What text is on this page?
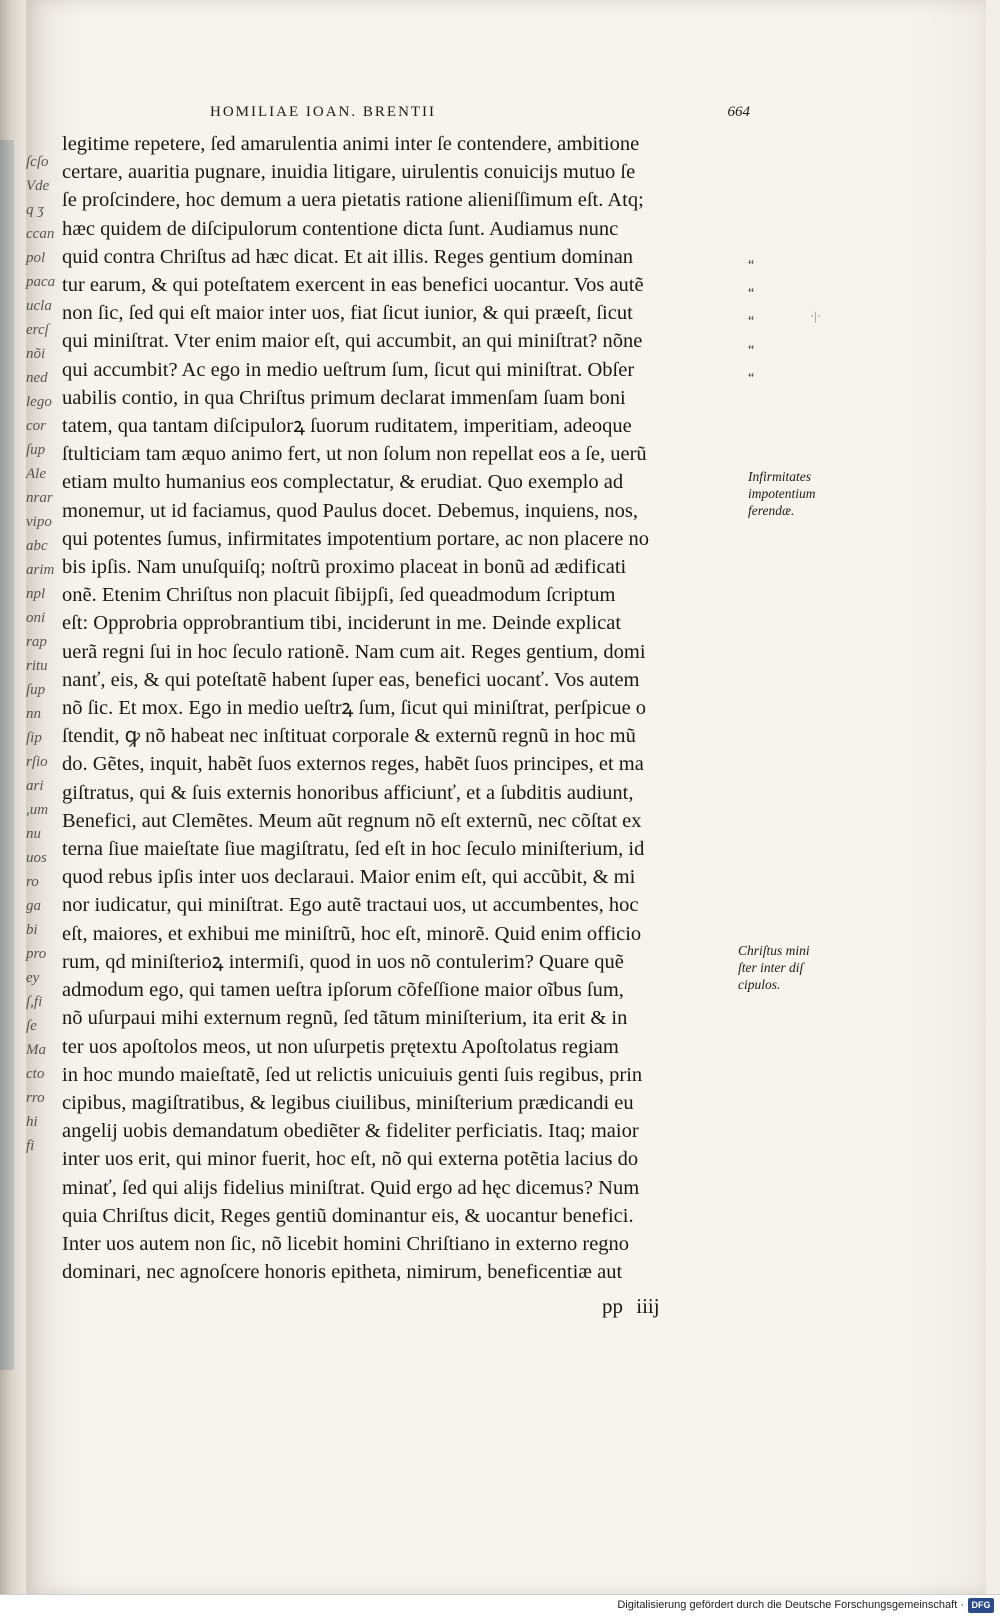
ſcſo
Vde
q ʒ
ccan
pol
paca
ucla
ercſ
nõi
ned
lego
cor
ſup
Ale
nrar
vipo
abc
arim
npl
oni
rap
ritu
ſup
nn
ſip
rſio
ari
,um
nu
uos
ro
ga
bi
pro
ey
ſ,fi
ſe
Ma
cto
rro
hi
fi
HOMILIAE IOAN. BRENTII	664
legitime repetere, ſed amarulentia animi inter ſe contendere, ambitione
certare, auaritia pugnare, inuidia litigare, uirulentis conuicijs mutuo ſe
ſe proſcindere, hoc demum a uera pietatis ratione alieniſſimum eſt. Atq;
hæc quidem de diſcipulorum contentione dicta ſunt. Audiamus nunc
quid contra Chriſtus ad hæc dicat. Et ait illis. Reges gentium dominan
tur earum, & qui poteſtatem exercent in eas benefici uocantur. Vos autẽ
non ſic, ſed qui eſt maior inter uos, fiat ſicut iunior, & qui præeſt, ſicut
qui miniſtrat. Vter enim maior eſt, qui accumbit, an qui miniſtrat? nõne
qui accumbit? Ac ego in medio ueſtrum ſum, ſicut qui miniſtrat. Obſer
uabilis contio, in qua Chriſtus primum declarat immenſam ſuam boni
tatem, qua tantam diſcipulorꝝ ſuorum ruditatem, imperitiam, adeoque
ſtulticiam tam æquo animo fert, ut non ſolum non repellat eos a ſe, uerũ
etiam multo humanius eos complectatur, & erudiat. Quo exemplo ad
monemur, ut id faciamus, quod Paulus docet. Debemus, inquiens, nos,
qui potentes ſumus, infirmitates impotentium portare, ac non placere no
bis ipſis. Nam unuſquiſq; noſtrũ proximo placeat in bonũ ad ædificati
onẽ. Etenim Chriſtus non placuit ſibijpſi, ſed queadmodum ſcriptum
eſt: Opprobria opprobrantium tibi, inciderunt in me. Deinde explicat
uerã regni ſui in hoc ſeculo rationẽ. Nam cum ait. Reges gentium, domi
nanť, eis, & qui poteſtatẽ habent ſuper eas, benefici uocanť. Vos autem
nõ ſic. Et mox. Ego in medio ueſtrꝝ ſum, ſicut qui miniſtrat, perſpicue o
ſtendit, ꝙ nõ habeat nec inſtituat corporale & externũ regnũ in hoc mũ
do. Gẽtes, inquit, habẽt ſuos externos reges, habẽt ſuos principes, et ma
giſtratus, qui & ſuis externis honoribus afficiunť, et a ſubditis audiunt,
Benefici, aut Clemẽtes. Meum aũt regnum nõ eſt externũ, nec cõſtat ex
terna ſiue maieſtate ſiue magiſtratu, ſed eſt in hoc ſeculo miniſterium, id
quod rebus ipſis inter uos declaraui. Maior enim eſt, qui accũbit, & mi
nor iudicatur, qui miniſtrat. Ego autẽ tractaui uos, ut accumbentes, hoc
eſt, maiores, et exhibui me miniſtrũ, hoc eſt, minorẽ. Quid enim officio
rum, qd miniſterioꝝ intermiſi, quod in uos nõ contulerim? Quare quẽ
admodum ego, qui tamen ueſtra ipſorum cõfeſſione maior oĩbus ſum,
nõ uſurpaui mihi externum regnũ, ſed tãtum miniſterium, ita erit & in
ter uos apoſtolos meos, ut non uſurpetis prętextu Apoſtolatus regiam
in hoc mundo maieſtatẽ, ſed ut relictis unicuiuis genti ſuis regibus, prin
cipibus, magiſtratibus, & legibus ciuilibus, miniſterium prædicandi eu
angelij uobis demandatum obediẽter & fideliter perficiatis. Itaq; maior
inter uos erit, qui minor fuerit, hoc eſt, nõ qui externa potẽtia lacius do
minať, ſed qui alijs fidelius miniſtrat. Quid ergo ad hęc dicemus? Num
quia Chriſtus dicit, Reges gentiũ dominantur eis, & uocantur benefici.
Inter uos autem non ſic, nõ licebit homini Chriſtiano in externo regno
dominari, nec agnoſcere honoris epitheta, nimirum, beneficentiæ aut
“
“
“
“
“
·|·
Infirmitates
impotentium
ferendæ.
Chriſtus mini
ſter inter diſ
cipulos.
pp iiij
Digitalisierung gefördert durch die Deutsche Forschungsgemeinschaft · DFG
